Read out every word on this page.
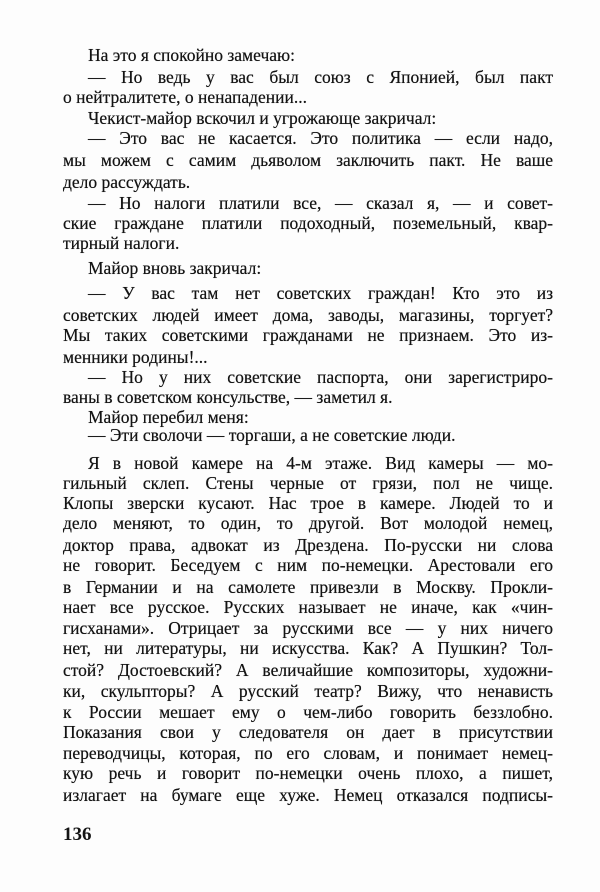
На это я спокойно замечаю:
— Но ведь у вас был союз с Японией, был пакт
о нейтралитете, о ненападении...
Чекист-майор вскочил и угрожающе закричал:
— Это вас не касается. Это политика — если надо,
мы можем с самим дьяволом заключить пакт. Не ваше
дело рассуждать.
— Но налоги платили все, — сказал я, — и совет-
ские граждане платили подоходный, поземельный, квар-
тирный налоги.
Майор вновь закричал:
— У вас там нет советских граждан! Кто это из
советских людей имеет дома, заводы, магазины, торгует?
Мы таких советскими гражданами не признаем. Это из-
менники родины!...
— Но у них советские паспорта, они зарегистриро-
ваны в советском консульстве, — заметил я.
Майор перебил меня:
— Эти сволочи — торгаши, а не советские люди.
Я в новой камере на 4-м этаже. Вид камеры — мо-
гильный склеп. Стены черные от грязи, пол не чище.
Клопы зверски кусают. Нас трое в камере. Людей то и
дело меняют, то один, то другой. Вот молодой немец,
доктор права, адвокат из Дрездена. По-русски ни слова
не говорит. Беседуем с ним по-немецки. Арестовали его
в Германии и на самолете привезли в Москву. Прокли-
нает все русское. Русских называет не иначе, как «чин-
гисханами». Отрицает за русскими все — у них ничего
нет, ни литературы, ни искусства. Как? А Пушкин? Тол-
стой? Достоевский? А величайшие композиторы, художни-
ки, скульпторы? А русский театр? Вижу, что ненависть
к России мешает ему о чем-либо говорить беззлобно.
Показания свои у следователя он дает в присутствии
переводчицы, которая, по его словам, и понимает немец-
кую речь и говорит по-немецки очень плохо, а пишет,
излагает на бумаге еще хуже. Немец отказался подписы-
136
